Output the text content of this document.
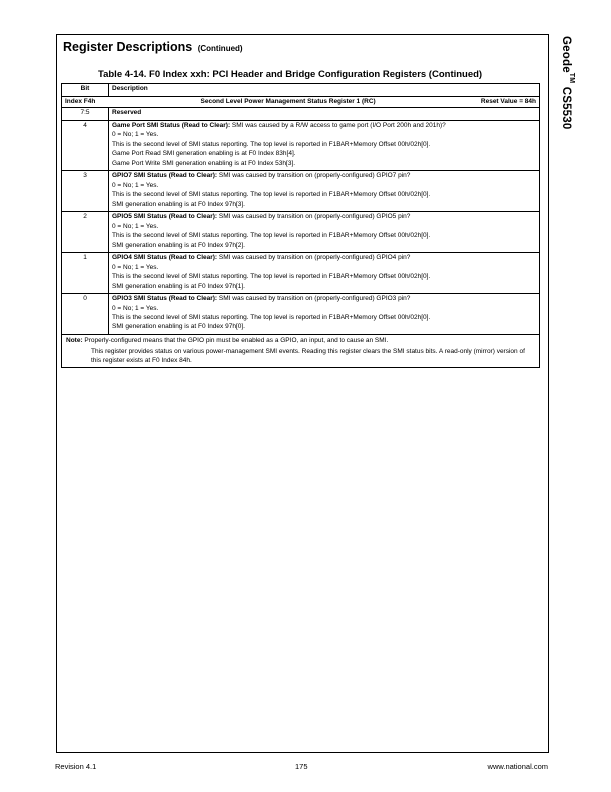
Geode™ CS5530
Register Descriptions (Continued)
Table 4-14. F0 Index xxh: PCI Header and Bridge Configuration Registers (Continued)
Bit	Description

Index F4h Second Level Power Management Status Register 1 (RC) Reset Value = 84h	

7:5	Reserved

4	Game Port SMI Status (Read to Clear): SMI was caused by a R/W access to game port (I/O Port 200h and 201h)?
0 = No; 1 = Yes.
This is the second level of SMI status reporting. The top level is reported in F1BAR+Memory Offset 00h/02h[0].
Game Port Read SMI generation enabling is at F0 Index 83h[4].
Game Port Write SMI generation enabling is at F0 Index 53h[3].

3	GPIO7 SMI Status (Read to Clear): SMI was caused by transition on (properly-configured) GPIO7 pin?
0 = No; 1 = Yes.
This is the second level of SMI status reporting. The top level is reported in F1BAR+Memory Offset 00h/02h[0].
SMI generation enabling is at F0 Index 97h[3].

2	GPIO5 SMI Status (Read to Clear): SMI was caused by transition on (properly-configured) GPIO5 pin?
0 = No; 1 = Yes.
This is the second level of SMI status reporting. The top level is reported in F1BAR+Memory Offset 00h/02h[0].
SMI generation enabling is at F0 Index 97h[2].

1	GPIO4 SMI Status (Read to Clear): SMI was caused by transition on (properly-configured) GPIO4 pin?
0 = No; 1 = Yes.
This is the second level of SMI status reporting. The top level is reported in F1BAR+Memory Offset 00h/02h[0].
SMI generation enabling is at F0 Index 97h[1].

0	GPIO3 SMI Status (Read to Clear): SMI was caused by transition on (properly-configured) GPIO3 pin?
0 = No; 1 = Yes.
This is the second level of SMI status reporting. The top level is reported in F1BAR+Memory Offset 00h/02h[0].
SMI generation enabling is at F0 Index 97h[0].

Note: Properly-configured means that the GPIO pin must be enabled as a GPIO, an input, and to cause an SMI.
This register provides status on various power-management SMI events. Reading this register clears the SMI status bits. A read-only (mirror) version of this register exists at F0 Index 84h.	
Revision 4.1	175	www.national.com
